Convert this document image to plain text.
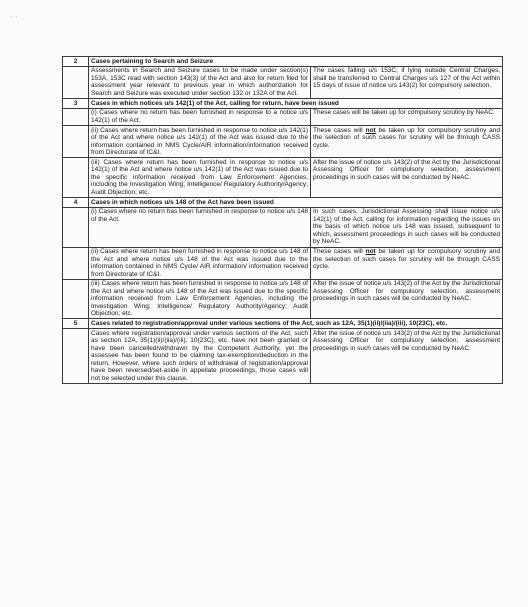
· ·
2	Cases pertaining to Search and Seizure	
	Assessments in Search and Seizure cases to be made under section(s) 153A, 153C read with section 143(3) of the Act and also for return filed for assessment year relevant to previous year in which authorization for Search and Seizure was executed under section 132 or 132A of the Act.	The cases falling u/s 153C, if lying outside Central Charges, shall be transferred to Central Charges u/s 127 of the Act within 15 days of issue of notice u/s 143(2) for compulsory selection.
3	Cases in which notices u/s 142(1) of the Act, calling for return, have been issued	
	(i) Cases where no return has been furnished in response to a notice u/s 142(1) of the Act.	These cases will be taken up for compulsory scrutiny by NeAC.
	(ii) Cases where return has been furnished in response to notice u/s 142(1) of the Act and where notice u/s 142(1) of the Act was issued due to the information contained in NMS Cycle/AIR information/information received from Directorate of IC&I.	These cases will not be taken up for compulsory scrutiny and the selection of such cases for scrutiny will be through CASS cycle.
	(iii) Cases where return has been furnished in response to notice u/s 142(1) of the Act and where notice u/s 142(1) of the Act was issued due to the specific information received from Law Enforcement Agencies, including the Investigation Wing; Intelligence/ Regulatory Authority/Agency; Audit Objection; etc.	After the issue of notice u/s 143(2) of the Act by the Jurisdictional Assessing Officer for compulsory selection, assessment proceedings in such cases will be conducted by NeAC.
4	Cases in which notices u/s 148 of the Act have been issued	
	(i) Cases where no return has been furnished in response to notice u/s 148 of the Act.	In such cases, Jurisdictional Assessing shall issue notice u/s 142(1) of the Act, calling for information regarding the issues on the basis of which notice u/s 148 was issued, subsequent to which, assessment proceedings in such cases will be conducted by NeAC.
	(ii) Cases where return has been furnished in response to notice u/s 148 of the Act and where notice u/s 148 of the Act was issued due to the information contained in NMS Cycle/ AIR information/ information received from Directorate of IC&I.	These cases will not be taken up for compulsory scrutiny and the selection of such cases for scrutiny will be through CASS cycle.
	(iii) Cases where return has been furnished in response to notice u/s 148 of the Act and where notice u/s 148 of the Act was issued due to the specific information received from Law Enforcement Agencies, including the Investigation Wing; Intelligence/ Regulatory Authority/Agency; Audit Objection; etc.	After the issue of notice u/s 143(2) of the Act by the Jurisdictional Assessing Officer for compulsory selection, assessment proceedings in such cases will be conducted by NeAC.
5	Cases related to registration/approval under various sections of the Act, such as 12A, 35(1)(ii)/(iia)/(iii), 10(23C), etc.	
	Cases where registration/approval under various sections of the Act, such as section 12A, 35(1)(ii)/(iia)/(iii), 10(23C), etc. have not been granted or have been cancelled/withdrawn by the Competent Authority, yet the assessee has been found to be claiming tax-exemption/deduction in the return. However, where such orders of withdrawal of registration/approval have been reversed/set-aside in appellate proceedings, those cases will not be selected under this clause.	After the issue of notice u/s 143(2) of the Act by the Jurisdictional Assessing Officer for compulsory selection, assessment proceedings in such cases will be conducted by NeAC.
